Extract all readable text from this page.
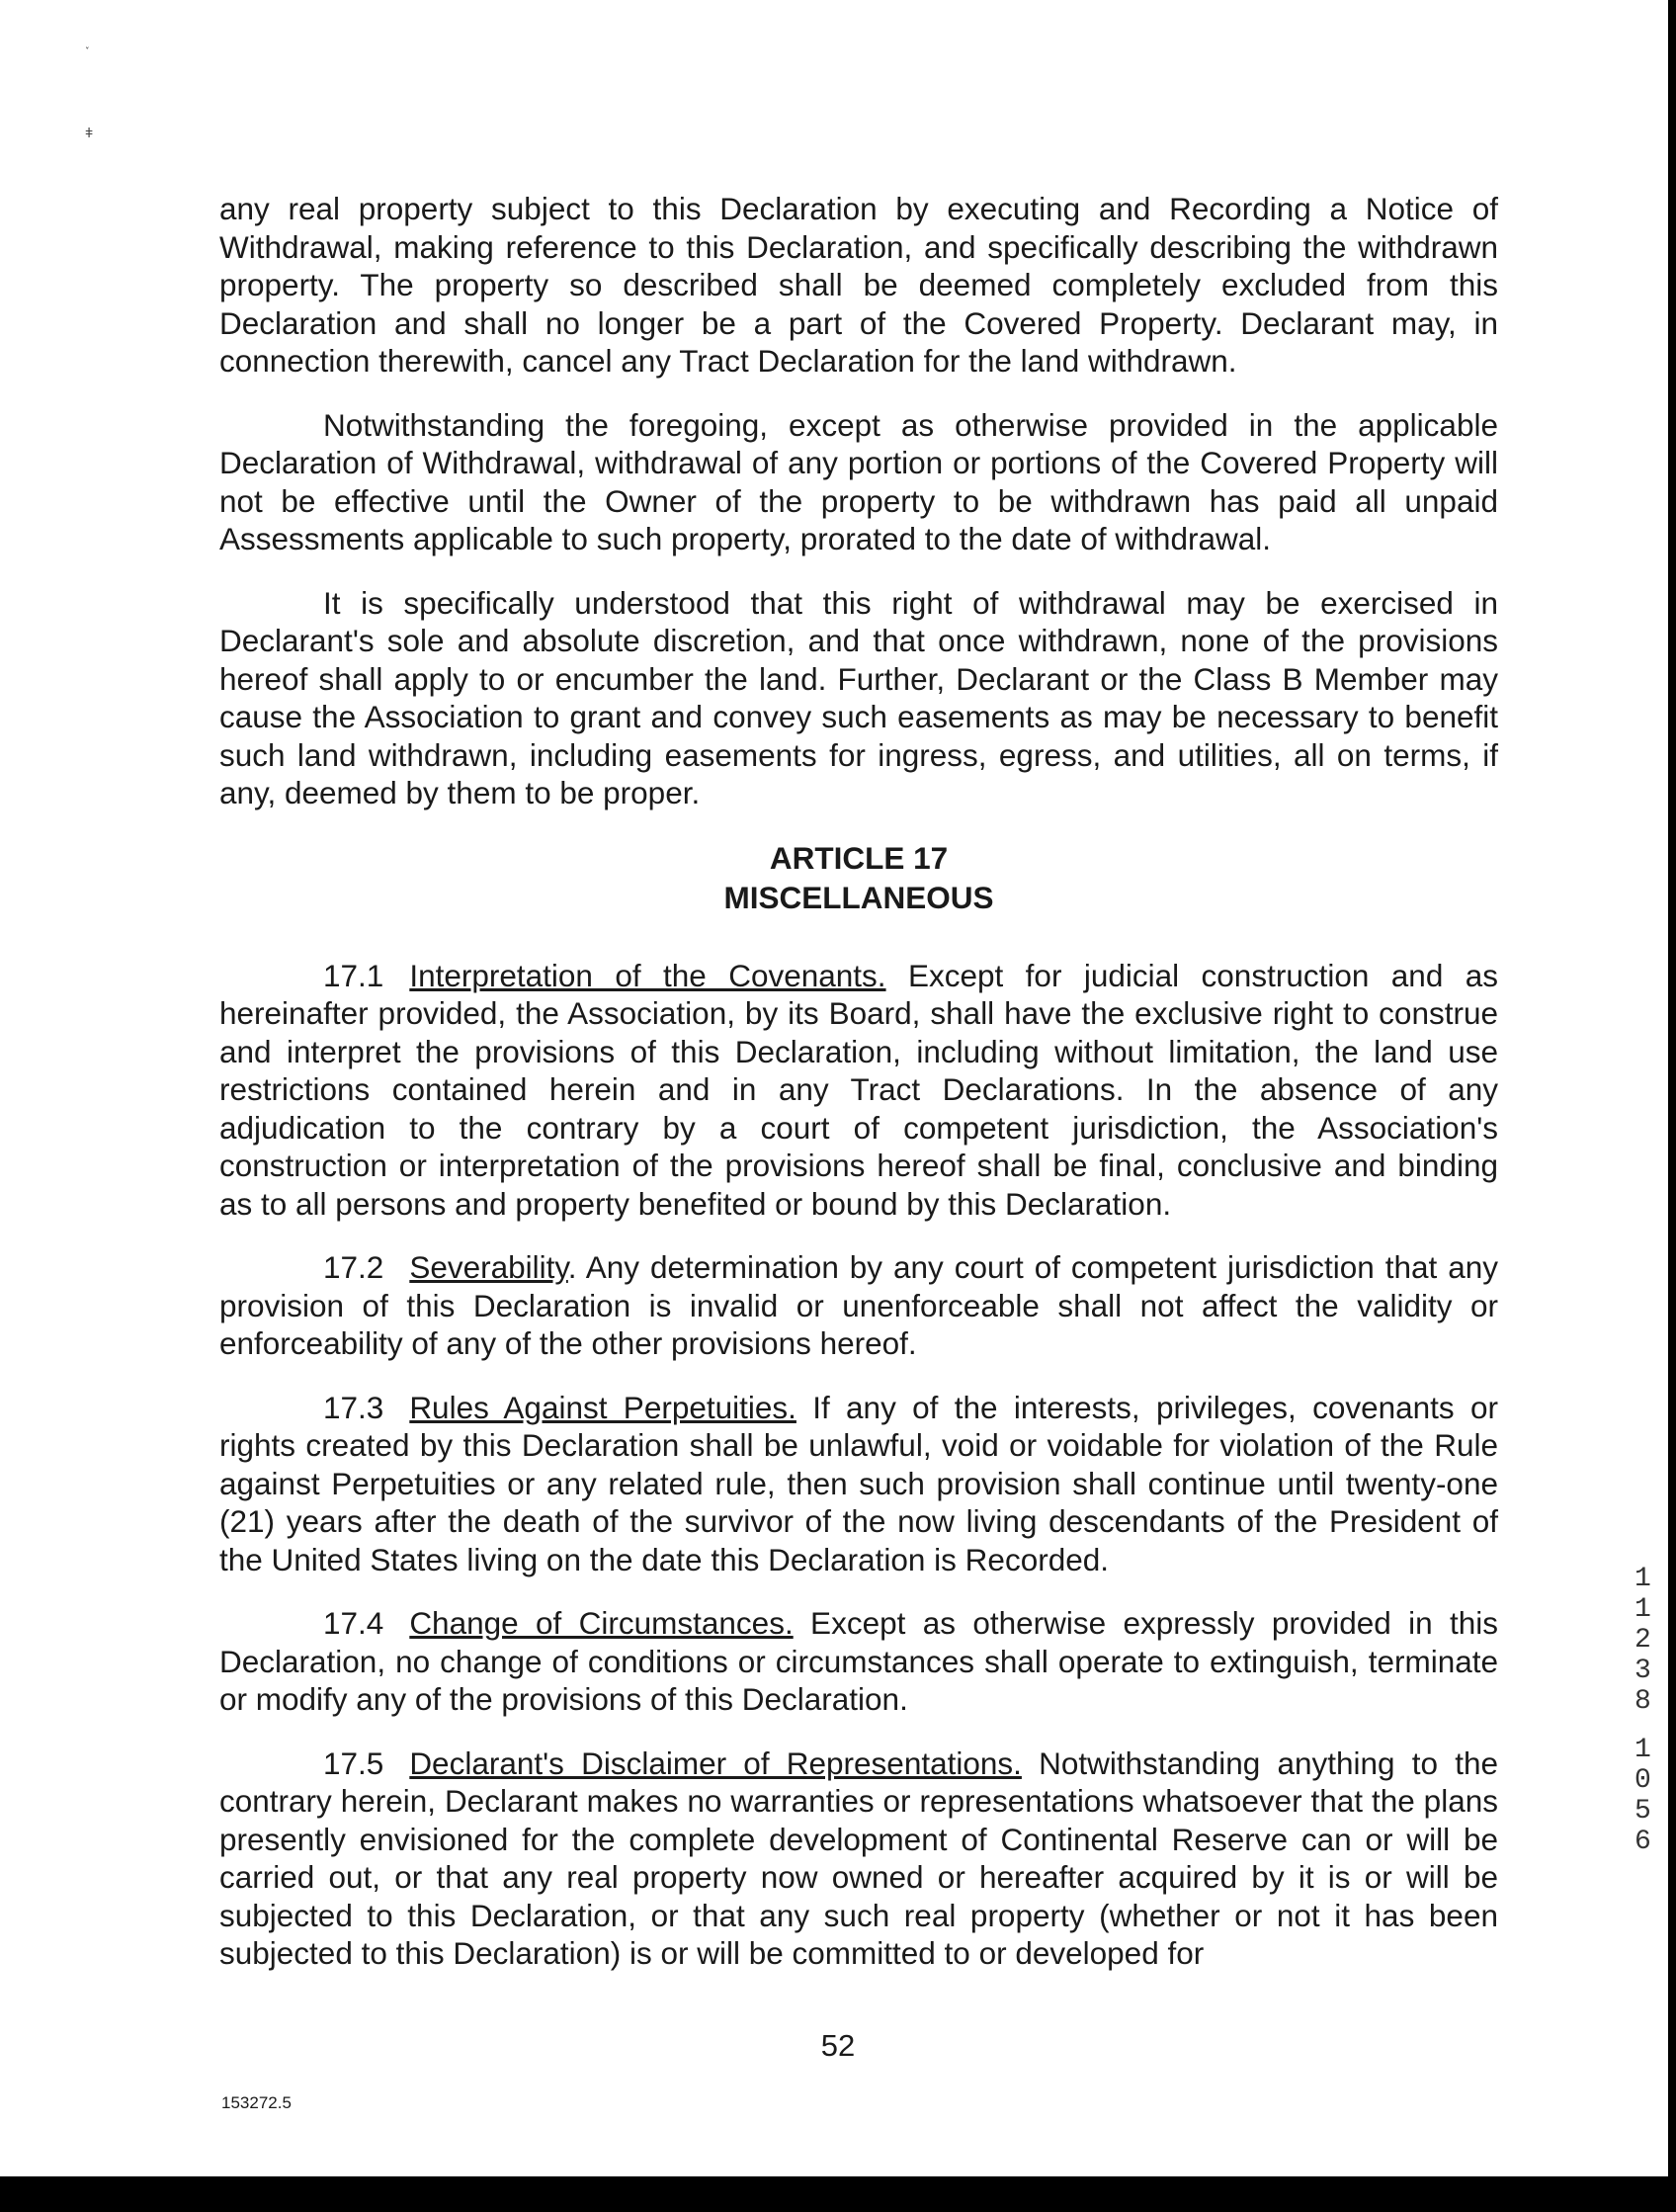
˯
ǂ

any real property subject to this Declaration by executing and Recording a Notice of Withdrawal, making reference to this Declaration, and specifically describing the withdrawn property. The property so described shall be deemed completely excluded from this Declaration and shall no longer be a part of the Covered Property. Declarant may, in connection therewith, cancel any Tract Declaration for the land withdrawn.

Notwithstanding the foregoing, except as otherwise provided in the applicable Declaration of Withdrawal, withdrawal of any portion or portions of the Covered Property will not be effective until the Owner of the property to be withdrawn has paid all unpaid Assessments applicable to such property, prorated to the date of withdrawal.

It is specifically understood that this right of withdrawal may be exercised in Declarant's sole and absolute discretion, and that once withdrawn, none of the provisions hereof shall apply to or encumber the land. Further, Declarant or the Class B Member may cause the Association to grant and convey such easements as may be necessary to benefit such land withdrawn, including easements for ingress, egress, and utilities, all on terms, if any, deemed by them to be proper.

ARTICLE 17
MISCELLANEOUS

17.1 Interpretation of the Covenants. Except for judicial construction and as hereinafter provided, the Association, by its Board, shall have the exclusive right to construe and interpret the provisions of this Declaration, including without limitation, the land use restrictions contained herein and in any Tract Declarations. In the absence of any adjudication to the contrary by a court of competent jurisdiction, the Association's construction or interpretation of the provisions hereof shall be final, conclusive and binding as to all persons and property benefited or bound by this Declaration.

17.2 Severability. Any determination by any court of competent jurisdiction that any provision of this Declaration is invalid or unenforceable shall not affect the validity or enforceability of any of the other provisions hereof.

17.3 Rules Against Perpetuities. If any of the interests, privileges, covenants or rights created by this Declaration shall be unlawful, void or voidable for violation of the Rule against Perpetuities or any related rule, then such provision shall continue until twenty-one (21) years after the death of the survivor of the now living descendants of the President of the United States living on the date this Declaration is Recorded.

17.4 Change of Circumstances. Except as otherwise expressly provided in this Declaration, no change of conditions or circumstances shall operate to extinguish, terminate or modify any of the provisions of this Declaration.

17.5 Declarant's Disclaimer of Representations. Notwithstanding anything to the contrary herein, Declarant makes no warranties or representations whatsoever that the plans presently envisioned for the complete development of Continental Reserve can or will be carried out, or that any real property now owned or hereafter acquired by it is or will be subjected to this Declaration, or that any such real property (whether or not it has been subjected to this Declaration) is or will be committed to or developed for

1
1
2
3
8
1
0
5
6
52
153272.5
